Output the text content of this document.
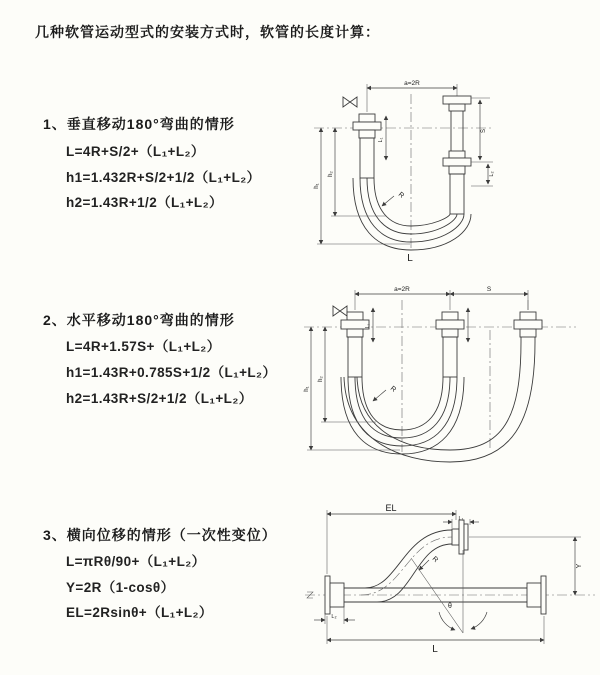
几种软管运动型式的安装方式时，软管的长度计算：
1、垂直移动180°弯曲的情形
L=4R+S/2+（L₁+L₂）
h1=1.432R+S/2+1/2（L₁+L₂）
h2=1.43R+1/2（L₁+L₂）
2、水平移动180°弯曲的情形
L=4R+1.57S+（L₁+L₂）
h1=1.43R+0.785S+1/2（L₁+L₂）
h2=1.43R+S/2+1/2（L₁+L₂）
3、横向位移的情形（一次性变位）
L=πRθ/90+（L₁+L₂）
Y=2R（1-cosθ）
EL=2Rsinθ+（L₁+L₂）
a=2R
L₁
S
L₂
h₁
h₂
R
L
a=2R	S
L₁
h₁
h₂
R
EL
L₁
Y
θ
R
L₂
L
